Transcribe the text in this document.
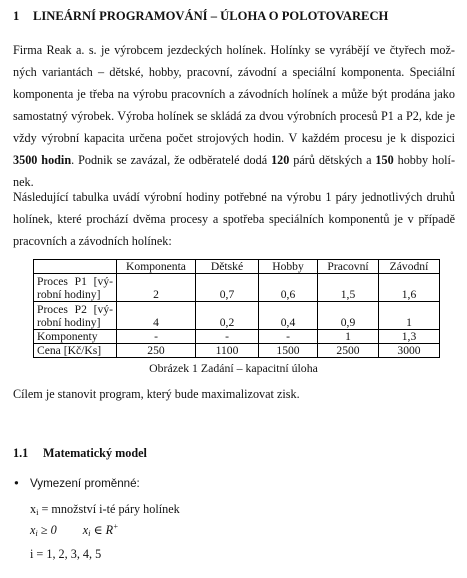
1 LINEÁRNÍ PROGRAMOVÁNÍ – ÚLOHA O POLOTOVARECH
Firma Reak a. s. je výrobcem jezdeckých holínek. Holínky se vyrábějí ve čtyřech mož-
ných variantách – dětské, hobby, pracovní, závodní a speciální komponenta. Speciální
komponenta je třeba na výrobu pracovních a závodních holínek a může být prodána jako
samostatný výrobek. Výroba holínek se skládá za dvou výrobních procesů P1 a P2, kde je
vždy výrobní kapacita určena počet strojových hodin. V každém procesu je k dispozici
3500 hodin. Podnik se zavázal, že odběratelé dodá 120 párů dětských a 150 hobby holí-
nek.
Následující tabulka uvádí výrobní hodiny potřebné na výrobu 1 páry jednotlivých druhů
holínek, které prochází dvěma procesy a spotřeba speciálních komponentů je v případě
pracovních a závodních holínek:
	Komponenta	Dětské	Hobby	Pracovní	Závodní

Proces P1 [vý-
robní hodiny]	2	0,7	0,6	1,5	1,6

Proces P2 [vý-
robní hodiny]	4	0,2	0,4	0,9	1
Komponenty	-	-	-	1	1,3
Cena [Kč/Ks]	250	1100	1500	2500	3000
Obrázek 1 Zadání – kapacitní úloha
Cílem je stanovit program, který bude maximalizovat zisk.
1.1 Matematický model
• Vymezení proměnné:
$x_i$ = množství i-té páry holínek
$x_i \ge 0$ $x_i$ ∈ R+
i = 1, 2, 3, 4, 5
